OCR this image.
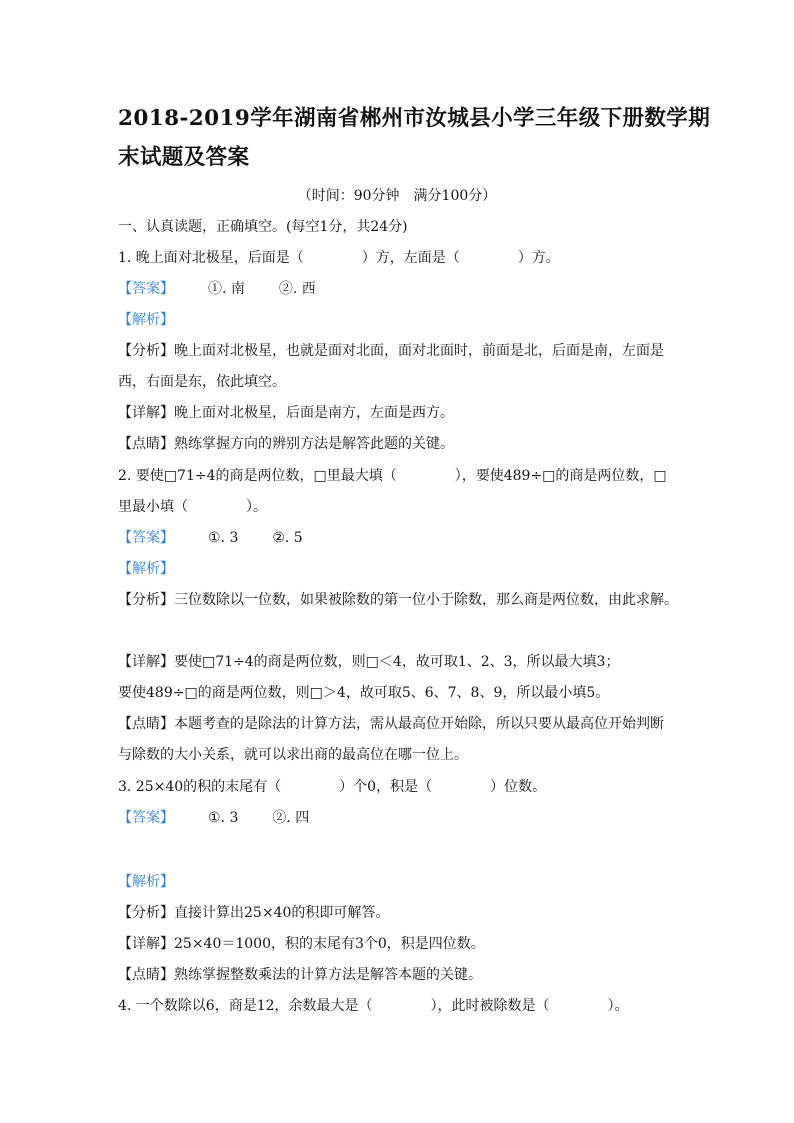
2018-2019学年湖南省郴州市汝城县小学三年级下册数学期
末试题及答案
（时间：90分钟　满分100分）
一、认真读题，正确填空。(每空1分，共24分)
1. 晚上面对北极星，后面是（	）方，左面是（	）方。
【答案】 ①. 南 ②. 西
【解析】
【分析】晚上面对北极星，也就是面对北面，面对北面时，前面是北，后面是南，左面是
西，右面是东，依此填空。
【详解】晚上面对北极星，后面是南方，左面是西方。
【点睛】熟练掌握方向的辨别方法是解答此题的关键。
2. 要使□71÷4的商是两位数，□里最大填（	），要使489÷□的商是两位数，□
里最小填（	）。
【答案】 ①. 3 ②. 5
【解析】
【分析】三位数除以一位数，如果被除数的第一位小于除数，那么商是两位数，由此求解。
【详解】要使□71÷4的商是两位数，则□＜4，故可取1、2、3，所以最大填3；
要使489÷□的商是两位数，则□＞4，故可取5、6、7、8、9，所以最小填5。
【点睛】本题考查的是除法的计算方法，需从最高位开始除，所以只要从最高位开始判断
与除数的大小关系，就可以求出商的最高位在哪一位上。
3. 25×40的积的末尾有（	）个0，积是（	）位数。
【答案】 ①. 3 ②. 四
【解析】
【分析】直接计算出25×40的积即可解答。
【详解】25×40＝1000，积的末尾有3个0，积是四位数。
【点睛】熟练掌握整数乘法的计算方法是解答本题的关键。
4. 一个数除以6，商是12，余数最大是（	），此时被除数是（	）。
